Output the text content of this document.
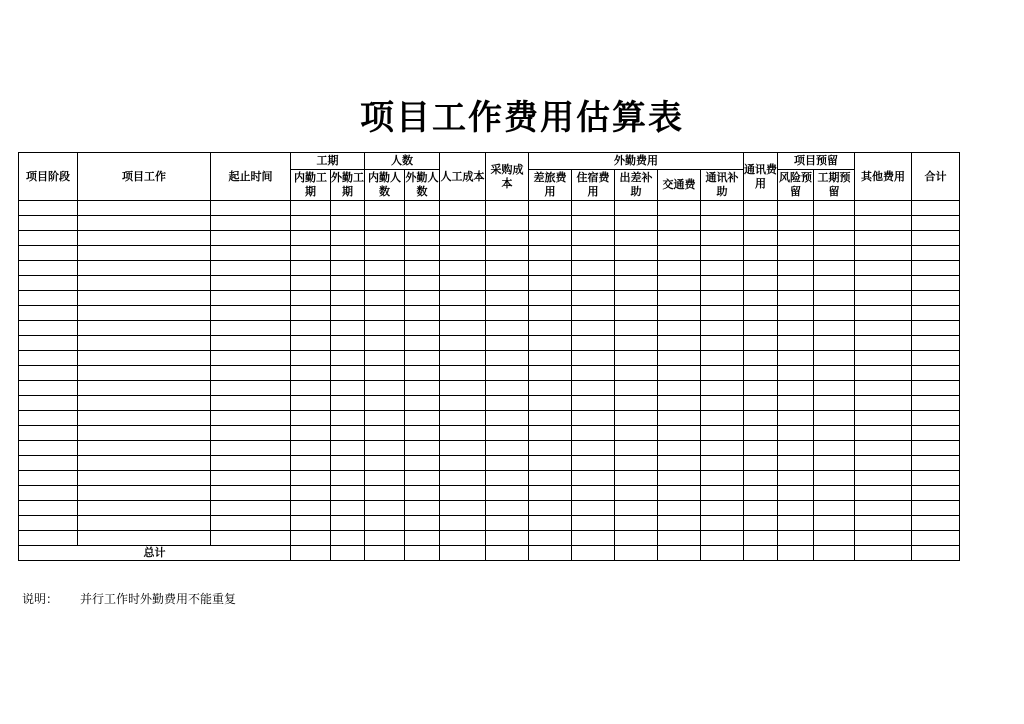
项目工作费用估算表
项目阶段	项目工作	起止时间	工期		人数		人工成本	采购成本	外勤费用					通讯费用	项目预留		其他费用	合计
			内勤工期	外勤工期	内勤人数	外勤人数			差旅费用	住宿费用	出差补助	交通费	通讯补助		风险预留	工期预留		

总计																		
说明： 并行工作时外勤费用不能重复
